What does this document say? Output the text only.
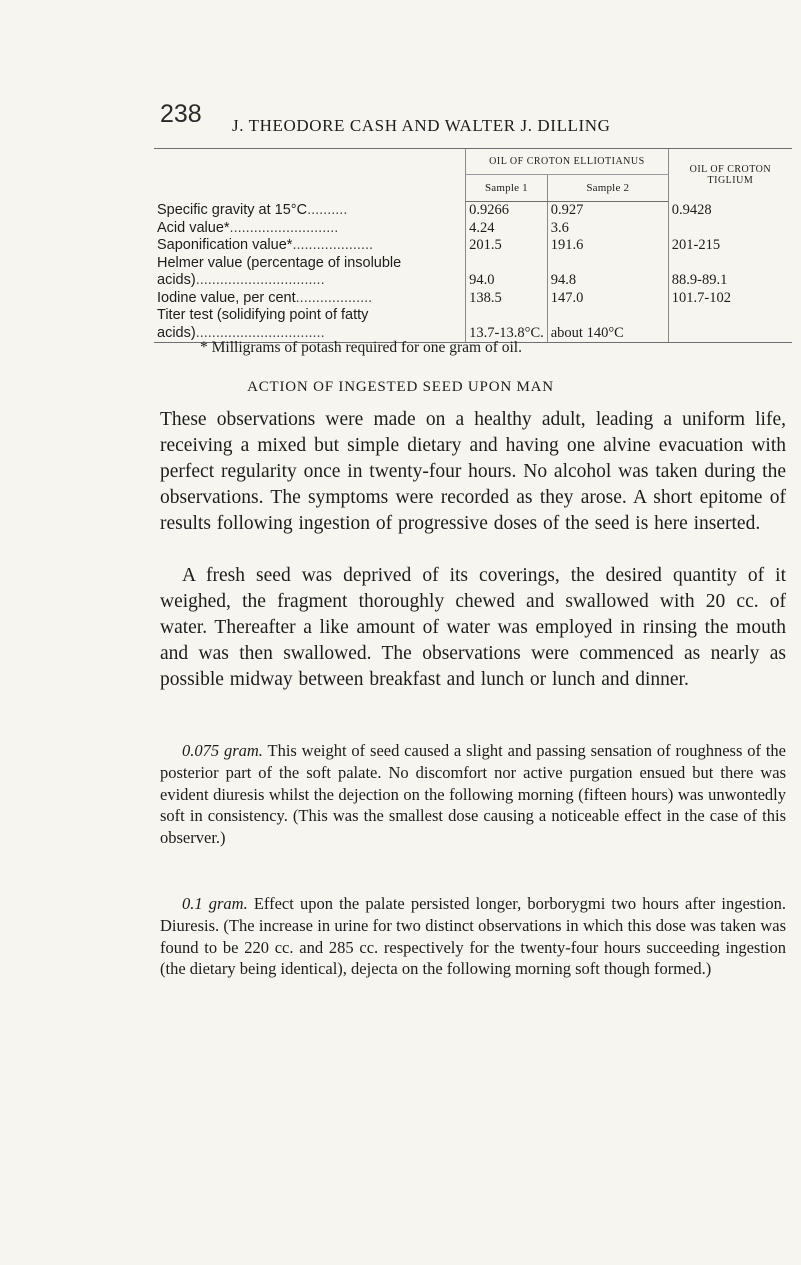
238 J. THEODORE CASH AND WALTER J. DILLING
	OIL OF CROTON ELLIOTIANUS		OIL OF CROTON TIGLIUM
	Sample 1	Sample 2	
Specific gravity at 15°C..........	0.9266	0.927	0.9428
Acid value*...........................	4.24	3.6	
Saponification value*....................	201.5	191.6	201-215
Helmer value (percentage of insoluble			
acids)................................	94.0	94.8	88.9-89.1
Iodine value, per cent...................	138.5	147.0	101.7-102
Titer test (solidifying point of fatty			
acids)................................	13.7-13.8°C.	about 140°C	
* Milligrams of potash required for one gram of oil.
ACTION OF INGESTED SEED UPON MAN

These observations were made on a healthy adult, leading a uniform life, receiving a mixed but simple dietary and having one alvine evacuation with perfect regularity once in twenty-four hours. No alcohol was taken during the observations. The symptoms were recorded as they arose. A short epitome of results following ingestion of progressive doses of the seed is here inserted.

A fresh seed was deprived of its coverings, the desired quantity of it weighed, the fragment thoroughly chewed and swallowed with 20 cc. of water. Thereafter a like amount of water was employed in rinsing the mouth and was then swallowed. The observations were commenced as nearly as possible midway between breakfast and lunch or lunch and dinner.

0.075 gram. This weight of seed caused a slight and passing sensation of roughness of the posterior part of the soft palate. No discomfort nor active purgation ensued but there was evident diuresis whilst the dejection on the following morning (fifteen hours) was unwontedly soft in consistency. (This was the smallest dose causing a noticeable effect in the case of this observer.)

0.1 gram. Effect upon the palate persisted longer, borborygmi two hours after ingestion. Diuresis. (The increase in urine for two distinct observations in which this dose was taken was found to be 220 cc. and 285 cc. respectively for the twenty-four hours succeeding ingestion (the dietary being identical), dejecta on the following morning soft though formed.)
